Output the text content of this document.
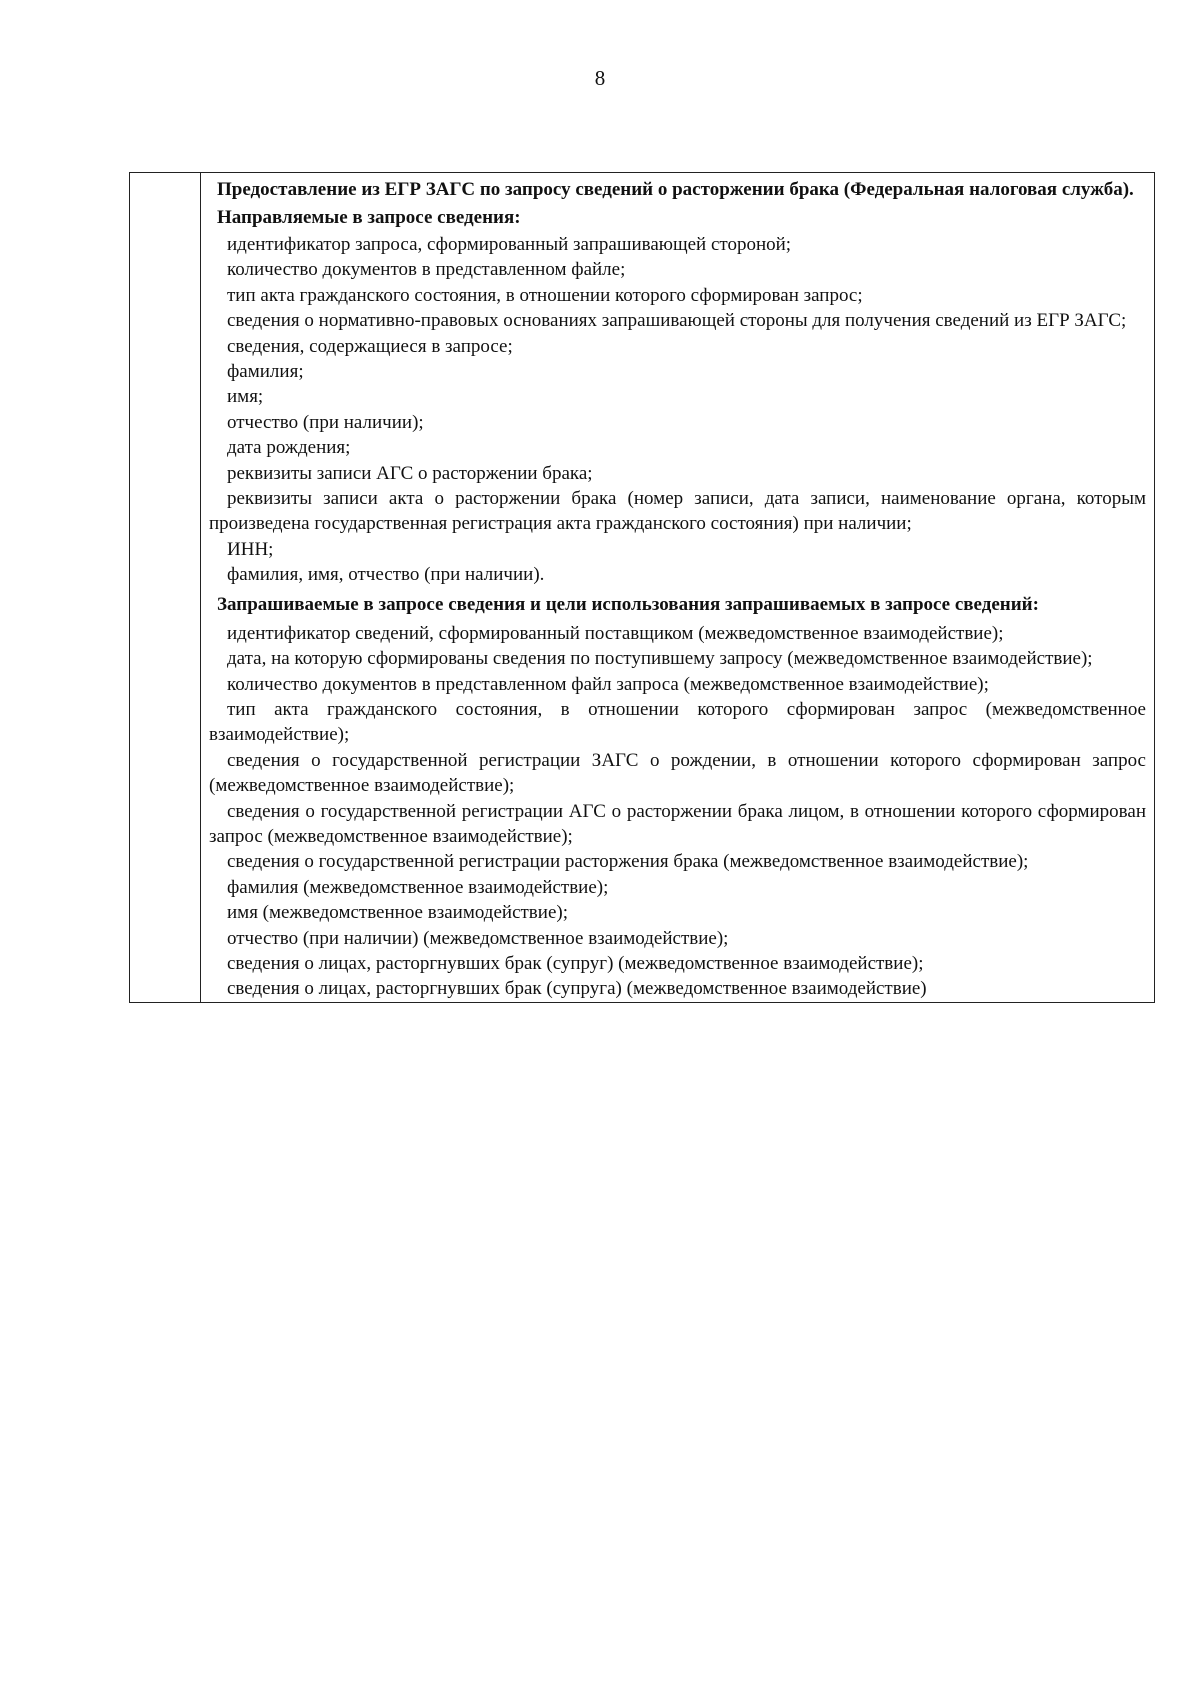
8

Предоставление из ЕГР ЗАГС по запросу сведений о расторжении брака (Федеральная налоговая служба).

Направляемые в запросе сведения:

идентификатор запроса, сформированный запрашивающей стороной;

количество документов в представленном файле;

тип акта гражданского состояния, в отношении которого сформирован запрос;

сведения о нормативно-правовых основаниях запрашивающей стороны для получения сведений из ЕГР ЗАГС;

сведения, содержащиеся в запросе;

фамилия;

имя;

отчество (при наличии);

дата рождения;

реквизиты записи АГС о расторжении брака;

реквизиты записи акта о расторжении брака (номер записи, дата записи, наименование органа, которым произведена государственная регистрация акта гражданского состояния) при наличии;

ИНН;

фамилия, имя, отчество (при наличии).

Запрашиваемые в запросе сведения и цели использования запрашиваемых в запросе сведений:

идентификатор сведений, сформированный поставщиком (межведомственное взаимодействие);

дата, на которую сформированы сведения по поступившему запросу (межведомственное взаимодействие);

количество документов в представленном файл запроса (межведомственное взаимодействие);

тип акта гражданского состояния, в отношении которого сформирован запрос (межведомственное взаимодействие);

сведения о государственной регистрации ЗАГС о рождении, в отношении которого сформирован запрос (межведомственное взаимодействие);

сведения о государственной регистрации АГС о расторжении брака лицом, в отношении которого сформирован запрос (межведомственное взаимодействие);

сведения о государственной регистрации расторжения брака (межведомственное взаимодействие);

фамилия (межведомственное взаимодействие);

имя (межведомственное взаимодействие);

отчество (при наличии) (межведомственное взаимодействие);

сведения о лицах, расторгнувших брак (супруг) (межведомственное взаимодействие);

сведения о лицах, расторгнувших брак (супруга) (межведомственное взаимодействие)
